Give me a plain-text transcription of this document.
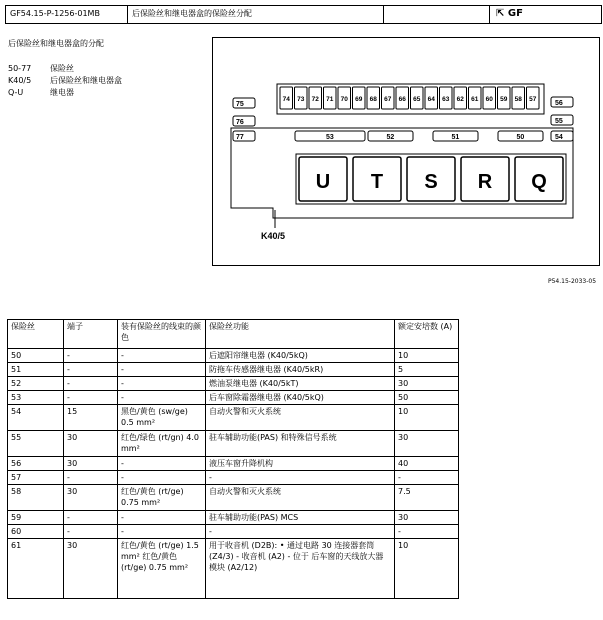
GF54.15-P-1256-01MB	后保险丝和继电器盒的保险丝分配	⇱ GF
后保险丝和继电器盒的分配
50-77	保险丝
K40/5	后保险丝和继电器盒
Q-U	继电器
74 73 72 71 70 69 68 67 66 65 64 63 62 61 60 59 58 57
75
76
77
56
55
54
53	52	51	50
U T S R Q
K40/5
P54.15-2033-05
保险丝	端子	装有保险丝的线束的颜色	保险丝功能	额定安培数 (A)
50	-	-	后遮阳帘继电器 (K40/5kQ)	10
51	-	-	防拖车传感器继电器 (K40/5kR)	5
52	-	-	燃油泵继电器 (K40/5kT)	30
53	-	-	后车窗除霜器继电器 (K40/5kQ)	50
54	15	黑色/黄色 (sw/ge) 0.5 mm²	自动火警和灭火系统	10
55	30	红色/绿色 (rt/gn) 4.0 mm²	驻车辅助功能(PAS) 和特殊信号系统	30
56	30	-	液压车窗升降机构	40
57	-	-	-	-
58	30	红色/黄色 (rt/ge) 0.75 mm²	自动火警和灭火系统	7.5
59	-	-	驻车辅助功能(PAS) MCS	30
60	-	-	-	-
61	30	红色/黄色 (rt/ge) 1.5 mm² 红色/黄色 (rt/ge) 0.75 mm²	用于收音机 (D2B): • 通过电路 30 连接器套筒 (Z4/3) - 收音机 (A2) - 位于 后车窗的天线放大器模块 (A2/12)	10
